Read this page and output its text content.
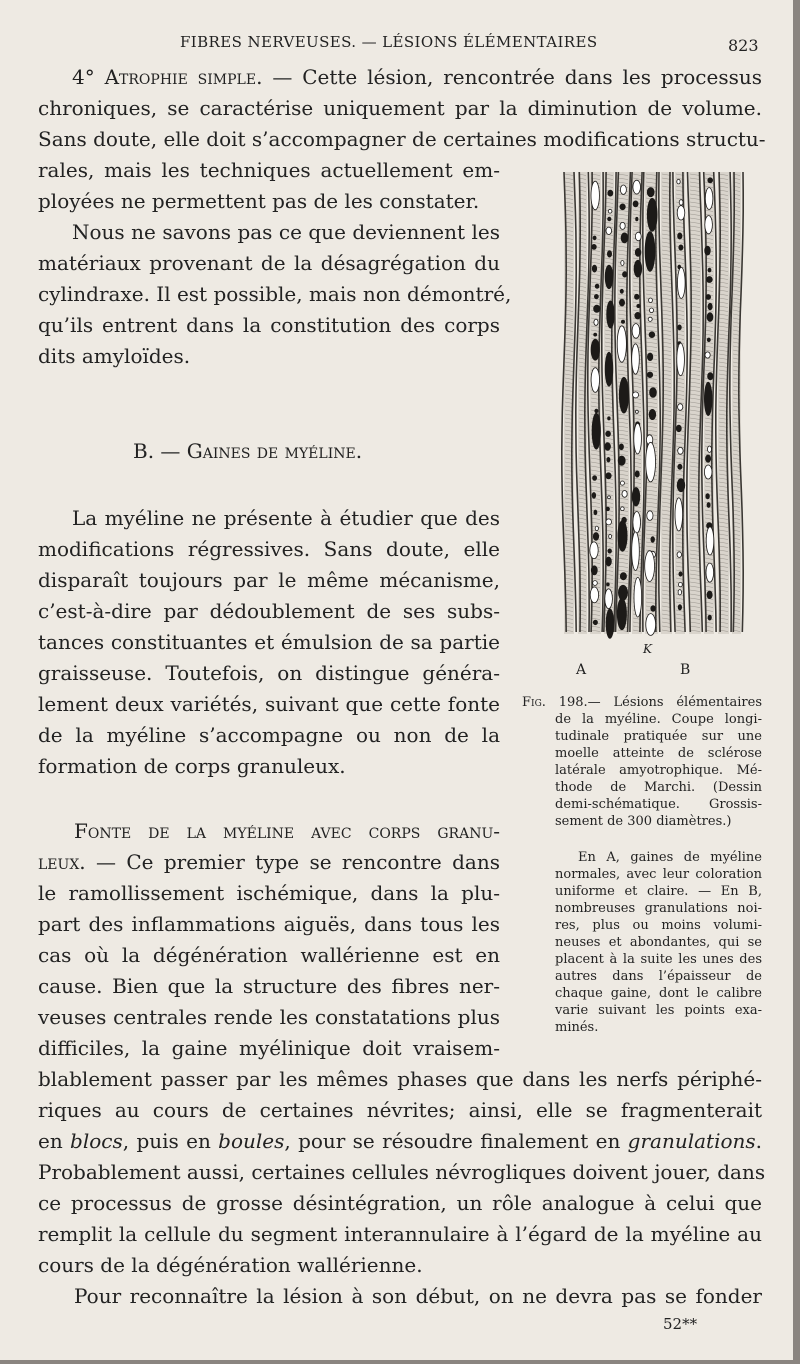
FIBRES NERVEUSES. — LÉSIONS ÉLÉMENTAIRES	823
4° Atrophie simple. — Cette lésion, rencontrée dans les processus
chroniques, se caractérise uniquement par la diminution de volume.
Sans doute, elle doit s’accompagner de certaines modifications structu-
rales, mais les techniques actuellement em-
ployées ne permettent pas de les constater.
Nous ne savons pas ce que deviennent les
matériaux provenant de la désagrégation du
cylindraxe. Il est possible, mais non démontré,
qu’ils entrent dans la constitution des corps
dits amyloïdes.
B. — Gaines de myéline.
La myéline ne présente à étudier que des
modifications régressives. Sans doute, elle
disparaît toujours par le même mécanisme,
c’est-à-dire par dédoublement de ses subs-
tances constituantes et émulsion de sa partie
graisseuse. Toutefois, on distingue généra-
lement deux variétés, suivant que cette fonte
de la myéline s’accompagne ou non de la
formation de corps granuleux.
Fonte de la myéline avec corps granu-
leux. — Ce premier type se rencontre dans
le ramollissement ischémique, dans la plu-
part des inflammations aiguës, dans tous les
cas où la dégénération wallérienne est en
cause. Bien que la structure des fibres ner-
veuses centrales rende les constatations plus
difficiles, la gaine myélinique doit vraisem-
blablement passer par les mêmes phases que dans les nerfs périphé-
riques au cours de certaines névrites; ainsi, elle se fragmenterait
en blocs, puis en boules, pour se résoudre finalement en granulations.
Probablement aussi, certaines cellules névrogliques doivent jouer, dans
ce processus de grosse désintégration, un rôle analogue à celui que
remplit la cellule du segment interannulaire à l’égard de la myéline au
cours de la dégénération wallérienne.
Pour reconnaître la lésion à son début, on ne devra pas se fonder
K
A	B
Fig. 198.— Lésions élémentaires
de la myéline. Coupe longi-
tudinale pratiquée sur une
moelle atteinte de sclérose
latérale amyotrophique. Mé-
thode de Marchi. (Dessin
demi-schématique. Grossis-
sement de 300 diamètres.)
En A, gaines de myéline
normales, avec leur coloration
uniforme et claire. — En B,
nombreuses granulations noi-
res, plus ou moins volumi-
neuses et abondantes, qui se
placent à la suite les unes des
autres dans l’épaisseur de
chaque gaine, dont le calibre
varie suivant les points exa-
minés.
52**
